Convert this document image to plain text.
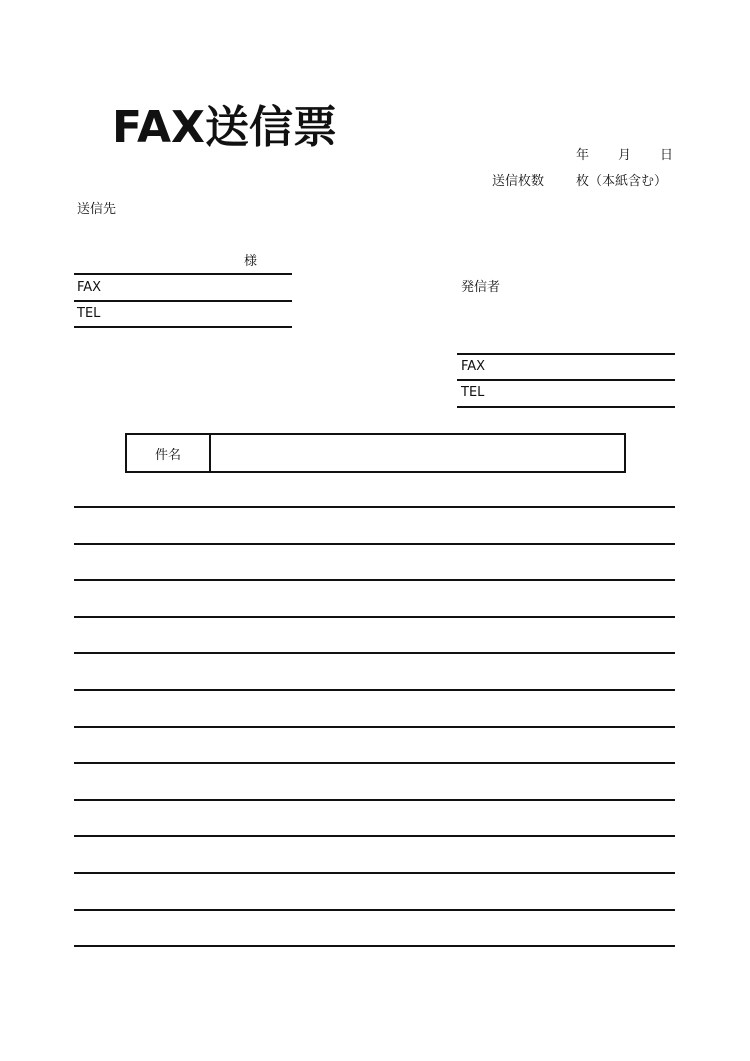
FAX送信票
年 月 日
送信枚数 枚（本紙含む）
送信先
様
FAX
TEL
発信者
FAX
TEL
件名
